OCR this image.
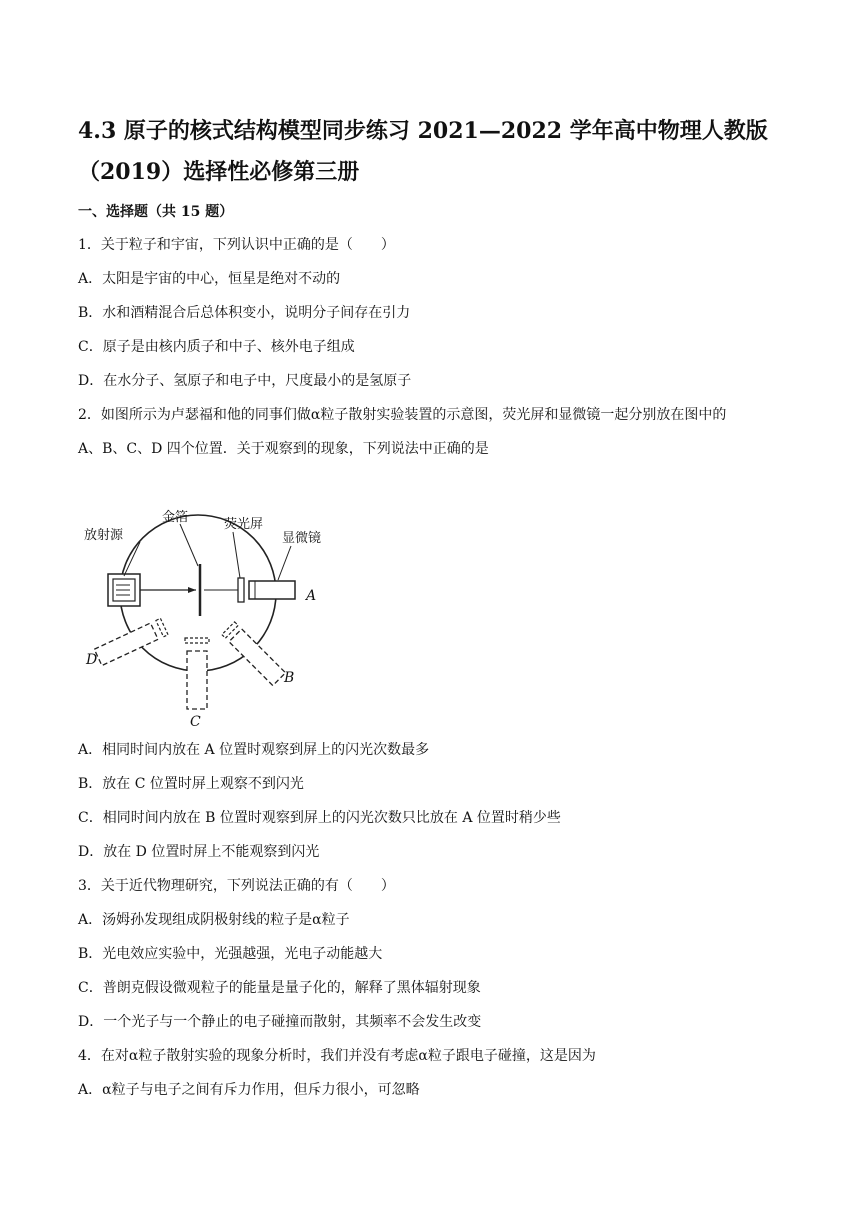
4.3 原子的核式结构模型同步练习 2021—2022 学年高中物理人教版
（2019）选择性必修第三册
一、选择题（共 15 题）
1．关于粒子和宇宙，下列认识中正确的是（　　）
A．太阳是宇宙的中心，恒星是绝对不动的
B．水和酒精混合后总体积变小，说明分子间存在引力
C．原子是由核内质子和中子、核外电子组成
D．在水分子、氢原子和电子中，尺度最小的是氢原子
2．如图所示为卢瑟福和他的同事们做α粒子散射实验装置的示意图，荧光屏和显微镜一起分别放在图中的
A、B、C、D 四个位置．关于观察到的现象，下列说法中正确的是
放射源
金箔	荧光屏
显微镜
A
B
C
D
A．相同时间内放在 A 位置时观察到屏上的闪光次数最多
B．放在 C 位置时屏上观察不到闪光
C．相同时间内放在 B 位置时观察到屏上的闪光次数只比放在 A 位置时稍少些
D．放在 D 位置时屏上不能观察到闪光
3．关于近代物理研究，下列说法正确的有（　　）
A．汤姆孙发现组成阴极射线的粒子是α粒子
B．光电效应实验中，光强越强，光电子动能越大
C．普朗克假设微观粒子的能量是量子化的，解释了黑体辐射现象
D．一个光子与一个静止的电子碰撞而散射，其频率不会发生改变
4．在对α粒子散射实验的现象分析时，我们并没有考虑α粒子跟电子碰撞，这是因为
A．α粒子与电子之间有斥力作用，但斥力很小，可忽略
